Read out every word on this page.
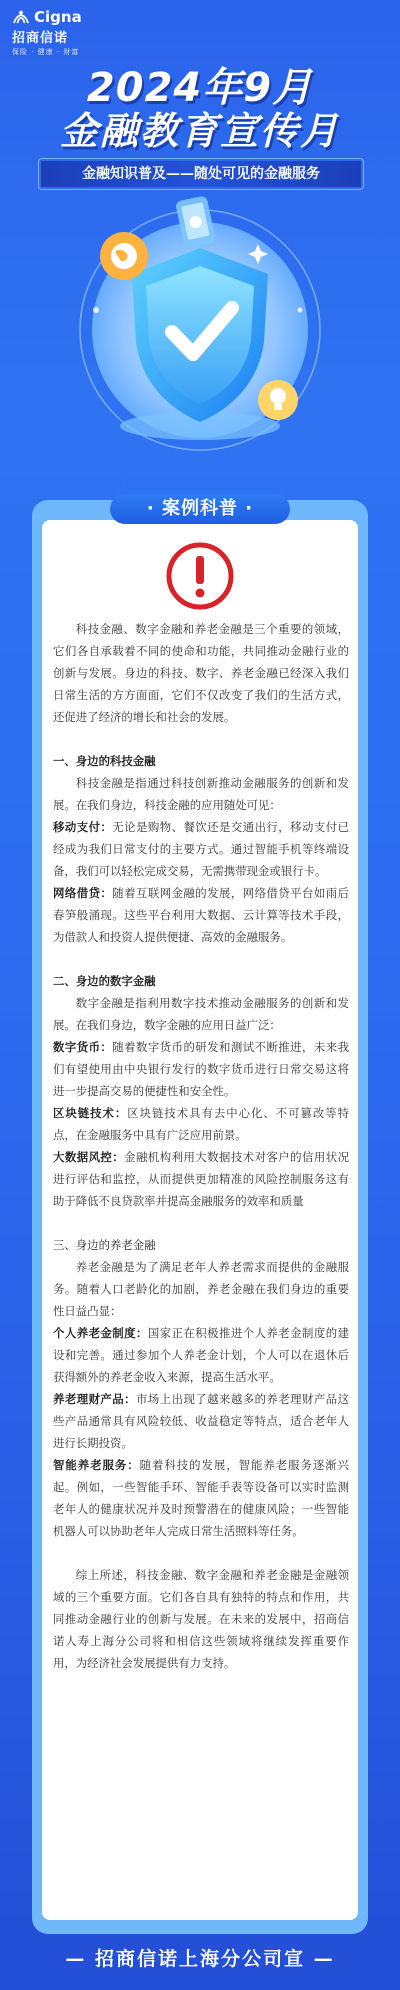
Cigna
招商信诺
保险 · 健康 · 财富
2024年9月
金融教育宣传月
金融知识普及——随处可见的金融服务
· 案例科普 ·

科技金融、数字金融和养老金融是三个重要的领域，它们各自承载着不同的使命和功能，共同推动金融行业的创新与发展。身边的科技、数字、养老金融已经深入我们日常生活的方方面面，它们不仅改变了我们的生活方式，还促进了经济的增长和社会的发展。

一、身边的科技金融

科技金融是指通过科技创新推动金融服务的创新和发展。在我们身边，科技金融的应用随处可见：

移动支付：无论是购物、餐饮还是交通出行，移动支付已经成为我们日常支付的主要方式。通过智能手机等终端设备，我们可以轻松完成交易，无需携带现金或银行卡。

网络借贷：随着互联网金融的发展，网络借贷平台如雨后春笋般涌现。这些平台利用大数据、云计算等技术手段，为借款人和投资人提供便捷、高效的金融服务。

二、身边的数字金融

数字金融是指利用数字技术推动金融服务的创新和发展。在我们身边，数字金融的应用日益广泛：

数字货币：随着数字货币的研发和测试不断推进，未来我们有望使用由中央银行发行的数字货币进行日常交易这将进一步提高交易的便捷性和安全性。

区块链技术：区块链技术具有去中心化、不可篡改等特点，在金融服务中具有广泛应用前景。

大数据风控：金融机构利用大数据技术对客户的信用状况进行评估和监控，从而提供更加精准的风险控制服务这有助于降低不良贷款率并提高金融服务的效率和质量

三、身边的养老金融

养老金融是为了满足老年人养老需求而提供的金融服务。随着人口老龄化的加剧，养老金融在我们身边的重要性日益凸显：

个人养老金制度：国家正在积极推进个人养老金制度的建设和完善。通过参加个人养老金计划，个人可以在退休后获得额外的养老金收入来源，提高生活水平。

养老理财产品：市场上出现了越来越多的养老理财产品这些产品通常具有风险较低、收益稳定等特点，适合老年人进行长期投资。

智能养老服务：随着科技的发展，智能养老服务逐渐兴起。例如，一些智能手环、智能手表等设备可以实时监测老年人的健康状况并及时预警潜在的健康风险；一些智能机器人可以协助老年人完成日常生活照料等任务。

综上所述，科技金融、数字金融和养老金融是金融领域的三个重要方面。它们各自具有独特的特点和作用，共同推动金融行业的创新与发展。在未来的发展中，招商信诺人寿上海分公司将和相信这些领域将继续发挥重要作用，为经济社会发展提供有力支持。

— 招商信诺上海分公司宣 —
